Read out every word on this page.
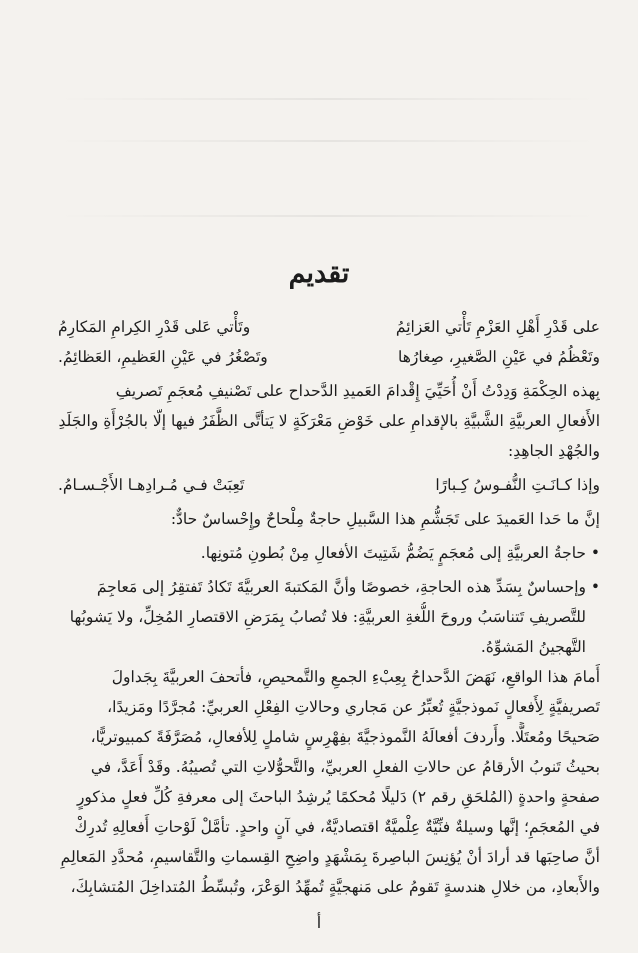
تقديم
على قَدْرِ أَهْلِ العَزْمِ تَأْتي العَزائِمُ
وتَأْتي عَلى قَدْرِ الكِرامِ المَكارِمُ
وتَعْظُمُ في عَيْنِ الصَّغيرِ، صِغارُها
وتَصْغُرُ في عَيْنِ العَظيمِ، العَظائِمُ.

بِهذه الحِكْمَةِ وَدِدْتُ أَنْ أُحَيِّيَ إِقْدامَ العَميدِ الدَّحداح على تَصْنيفِ مُعجَمِ تَصريفِ
الأَفعالِ العربيَّةِ الشَّبيَّةِ بالإقدامِ على خَوْضِ مَعْرَكَةٍ لا يَتأتَّى الظَّفَرُ فيها إلّا بالجُرْأَةِ والجَلَدِ
والجُهْدِ الجاهِدِ:

وإذا كـانَـتِ النُّفـوسُ كِـبارًا
تَعِبَتْ فـي مُـرادِهـا الأَجْـسـامُ.

إنَّ ما حَدا العَميدَ على تَجَشُّمِ هذا السَّبيلِ حاجةٌ مِلْحاحٌ وإِحْساسٌ حادٌّ:

• حاجةُ العربيَّةِ إلى مُعجَمٍ يَضُمُّ شَتِيتَ الأفعالِ مِنْ بُطونِ مُتونِها.

• وإحساسٌ بِسَدِّ هذه الحاجةِ، خصوصًا وأنَّ المَكتبةَ العربيَّةَ تَكادُ تَفتقِرُ إلى مَعاجِمَ
للتَّصريفِ تَتناسَبُ وروحَ اللُّغةِ العربيَّةِ: فلا تُصابُ بِمَرَضِ الاقتصارِ المُخِلِّ، ولا يَشوبُها
التَّهجينُ المَشوِّهُ.

أَمامَ هذا الواقعِ، نَهَضَ الدَّحداحُ بِعِبْءِ الجمعِ والتَّمحيصِ، فأتحفَ العربيَّةَ بِجَداولَ
تَصريفيَّةٍ لِأَفعالٍ نَموذجيَّةٍ تُعبِّرُ عن مَجاري وحالاتِ الفِعْلِ العربيِّ: مُجرَّدًا ومَزيدًا،
صَحيحًا ومُعتَلًّا. وأَردفَ أفعالَهُ النَّموذجيَّةَ بفِهْرِسٍ شاملٍ لِلأفعالِ، مُصَرَّفَةً كمبيوتريًّا،
بحيثُ تَنوبُ الأرقامُ عن حالاتِ الفعلِ العربيِّ، والتَّحوُّلاتِ التي تُصيبُهُ. وقَدْ أَعَدَّ، في
صفحةٍ واحدةٍ (المُلحَقِ رقم ٢) دَليلًا مُحكمًا يُرشِدُ الباحثَ إلى معرفةِ كُلِّ فعلٍ مذكورٍ
في المُعجَمِ؛ إنَّها وسيلةٌ فنِّيَّةٌ عِلْميَّةٌ اقتصاديَّةٌ، في آنٍ واحدٍ. تأمَّلْ لَوْحاتِ أَفعالِهِ تُدرِكْ
أنَّ صاحِبَها قد أرادَ أنْ يُؤنِسَ الباصِرةَ بِمَشْهَدٍ واضِحِ القِسماتِ والتَّقاسيمِ، مُحدَّدِ المَعالِمِ
والأَبعادِ، من خلالِ هندسةٍ تَقومُ على مَنهجيَّةٍ تُمهِّدُ الوَعْرَ، وتُبسِّطُ المُتداخِلَ المُتشابِكَ،

أ
